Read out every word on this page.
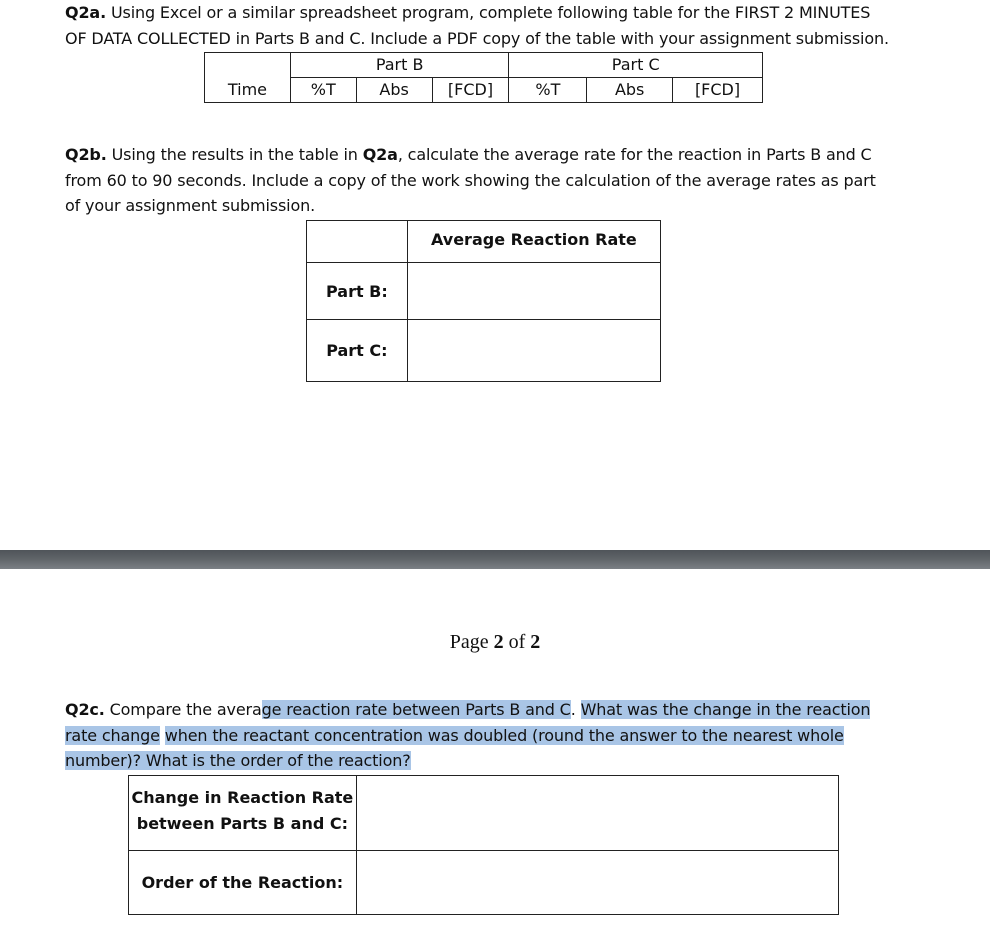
Q2a. Using Excel or a similar spreadsheet program, complete following table for the FIRST 2 MINUTES
OF DATA COLLECTED in Parts B and C. Include a PDF copy of the table with your assignment submission.
	Part B			Part C		
Time	%T	Abs	[FCD]	%T	Abs	[FCD]
Q2b. Using the results in the table in Q2a, calculate the average rate for the reaction in Parts B and C
from 60 to 90 seconds. Include a copy of the work showing the calculation of the average rates as part
of your assignment submission.
	Average Reaction Rate
Part B:	
Part C:	
Page 2 of 2
Q2c. Compare the average reaction rate between Parts B and C. What was the change in the reaction
rate change when the reactant concentration was doubled (round the answer to the nearest whole
number)? What is the order of the reaction?
Change in Reaction Rate
between Parts B and C:	

Order of the Reaction:	
